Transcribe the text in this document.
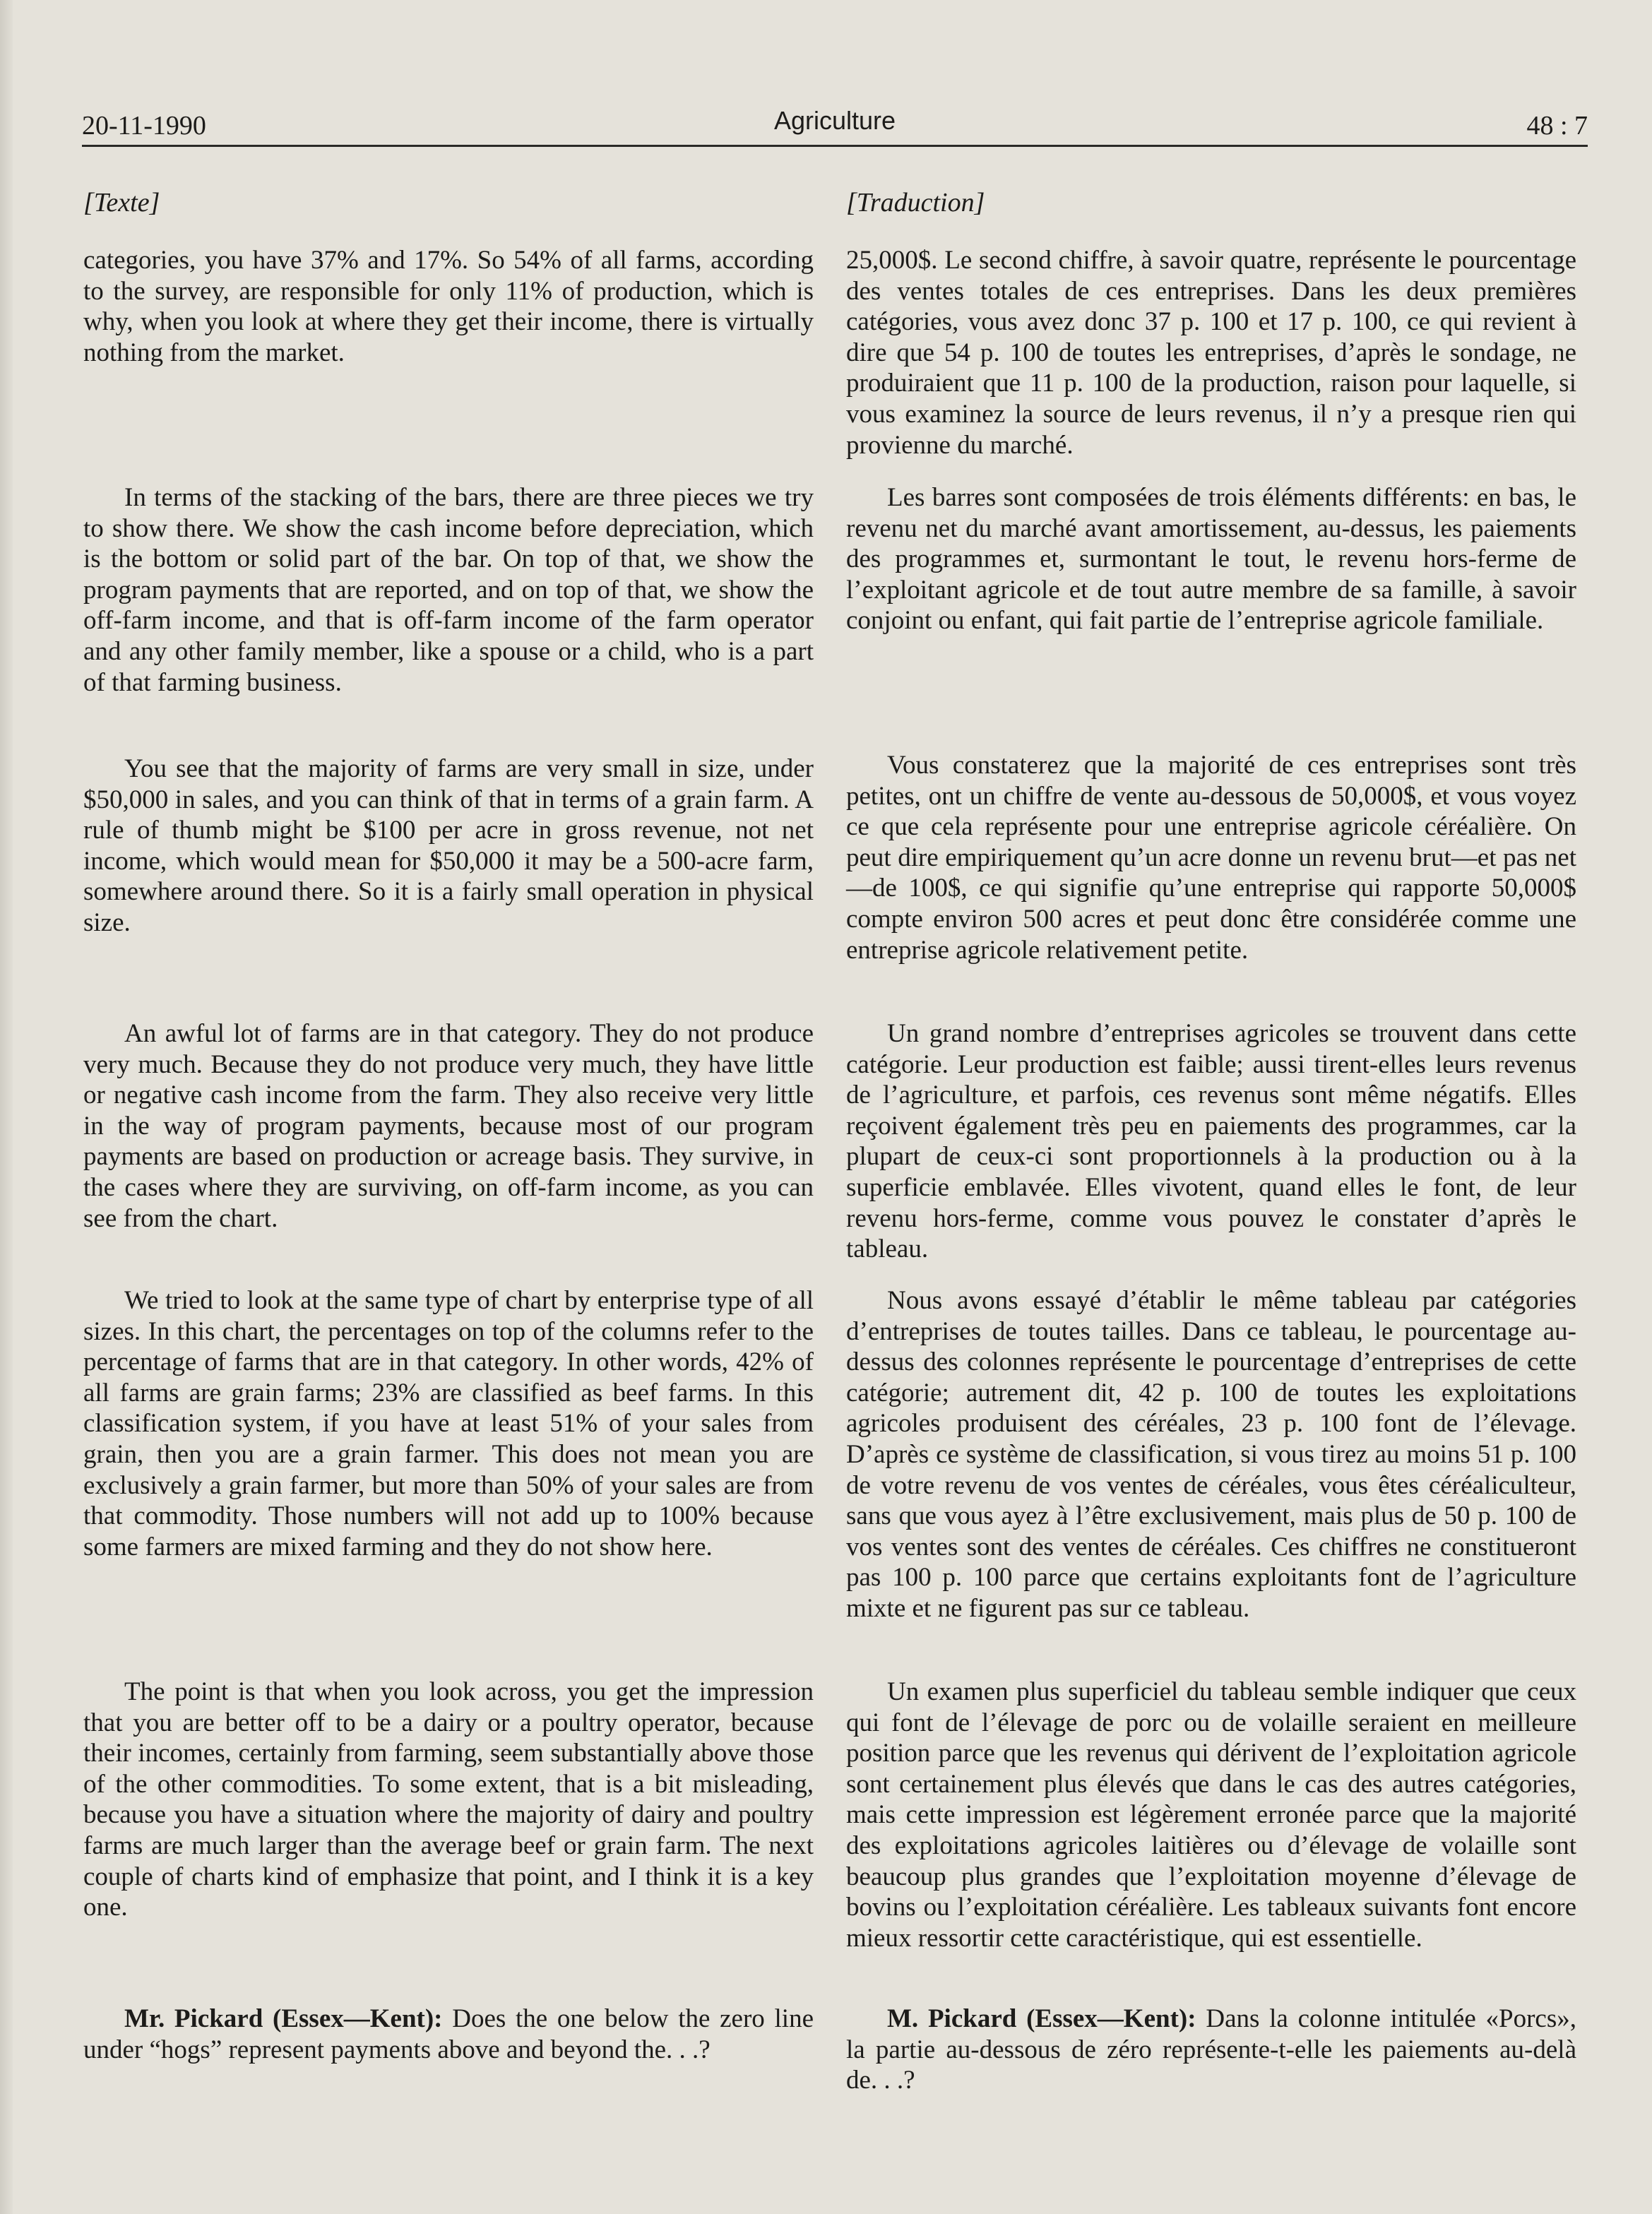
20-11-1990	Agriculture	48 : 7
[Texte]

categories, you have 37% and 17%. So 54% of all farms, according to the survey, are responsible for only 11% of production, which is why, when you look at where they get their income, there is virtually nothing from the market.

In terms of the stacking of the bars, there are three pieces we try to show there. We show the cash income before depreciation, which is the bottom or solid part of the bar. On top of that, we show the program payments that are reported, and on top of that, we show the off-farm income, and that is off-farm income of the farm operator and any other family member, like a spouse or a child, who is a part of that farming business.

You see that the majority of farms are very small in size, under $50,000 in sales, and you can think of that in terms of a grain farm. A rule of thumb might be $100 per acre in gross revenue, not net income, which would mean for $50,000 it may be a 500-acre farm, somewhere around there. So it is a fairly small operation in physical size.

An awful lot of farms are in that category. They do not produce very much. Because they do not produce very much, they have little or negative cash income from the farm. They also receive very little in the way of program payments, because most of our program payments are based on production or acreage basis. They survive, in the cases where they are surviving, on off-farm income, as you can see from the chart.

We tried to look at the same type of chart by enterprise type of all sizes. In this chart, the percentages on top of the columns refer to the percentage of farms that are in that category. In other words, 42% of all farms are grain farms; 23% are classified as beef farms. In this classification system, if you have at least 51% of your sales from grain, then you are a grain farmer. This does not mean you are exclusively a grain farmer, but more than 50% of your sales are from that commodity. Those numbers will not add up to 100% because some farmers are mixed farming and they do not show here.

The point is that when you look across, you get the impression that you are better off to be a dairy or a poultry operator, because their incomes, certainly from farming, seem substantially above those of the other commodities. To some extent, that is a bit misleading, because you have a situation where the majority of dairy and poultry farms are much larger than the average beef or grain farm. The next couple of charts kind of emphasize that point, and I think it is a key one.

Mr. Pickard (Essex—Kent): Does the one below the zero line under “hogs” represent payments above and beyond the. . .?

[Traduction]

25,000$. Le second chiffre, à savoir quatre, représente le pourcentage des ventes totales de ces entreprises. Dans les deux premières catégories, vous avez donc 37 p. 100 et 17 p. 100, ce qui revient à dire que 54 p. 100 de toutes les entreprises, d’après le sondage, ne produiraient que 11 p. 100 de la production, raison pour laquelle, si vous examinez la source de leurs revenus, il n’y a presque rien qui provienne du marché.

Les barres sont composées de trois éléments différents: en bas, le revenu net du marché avant amortissement, au-dessus, les paiements des programmes et, surmontant le tout, le revenu hors-ferme de l’exploitant agricole et de tout autre membre de sa famille, à savoir conjoint ou enfant, qui fait partie de l’entreprise agricole familiale.

Vous constaterez que la majorité de ces entreprises sont très petites, ont un chiffre de vente au-dessous de 50,000$, et vous voyez ce que cela représente pour une entreprise agricole céréalière. On peut dire empiriquement qu’un acre donne un revenu brut—et pas net—de 100$, ce qui signifie qu’une entreprise qui rapporte 50,000$ compte environ 500 acres et peut donc être considérée comme une entreprise agricole relativement petite.

Un grand nombre d’entreprises agricoles se trouvent dans cette catégorie. Leur production est faible; aussi tirent-elles leurs revenus de l’agriculture, et parfois, ces revenus sont même négatifs. Elles reçoivent également très peu en paiements des programmes, car la plupart de ceux-ci sont proportionnels à la production ou à la superficie emblavée. Elles vivotent, quand elles le font, de leur revenu hors-ferme, comme vous pouvez le constater d’après le tableau.

Nous avons essayé d’établir le même tableau par catégories d’entreprises de toutes tailles. Dans ce tableau, le pourcentage au-dessus des colonnes représente le pourcentage d’entreprises de cette catégorie; autrement dit, 42 p. 100 de toutes les exploitations agricoles produisent des céréales, 23 p. 100 font de l’élevage. D’après ce système de classification, si vous tirez au moins 51 p. 100 de votre revenu de vos ventes de céréales, vous êtes céréaliculteur, sans que vous ayez à l’être exclusivement, mais plus de 50 p. 100 de vos ventes sont des ventes de céréales. Ces chiffres ne constitueront pas 100 p. 100 parce que certains exploitants font de l’agriculture mixte et ne figurent pas sur ce tableau.

Un examen plus superficiel du tableau semble indiquer que ceux qui font de l’élevage de porc ou de volaille seraient en meilleure position parce que les revenus qui dérivent de l’exploitation agricole sont certainement plus élevés que dans le cas des autres catégories, mais cette impression est légèrement erronée parce que la majorité des exploitations agricoles laitières ou d’élevage de volaille sont beaucoup plus grandes que l’exploitation moyenne d’élevage de bovins ou l’exploitation céréalière. Les tableaux suivants font encore mieux ressortir cette caractéristique, qui est essentielle.

M. Pickard (Essex—Kent): Dans la colonne intitulée «Porcs», la partie au-dessous de zéro représente-t-elle les paiements au-delà de. . .?
